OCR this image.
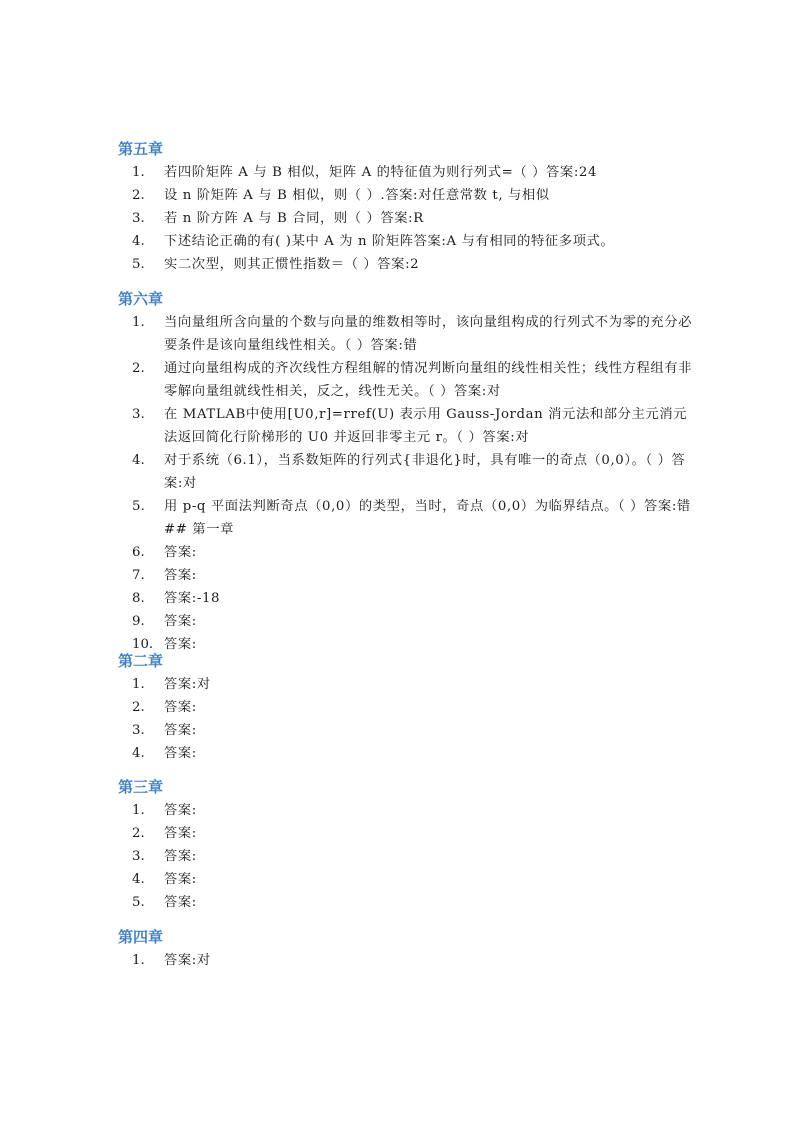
第五章
1.	若四阶矩阵 A 与 B 相似，矩阵 A 的特征值为则行列式=（ ）答案:24
2.	设 n 阶矩阵 A 与 B 相似，则（ ）.答案:对任意常数 t, 与相似
3.	若 n 阶方阵 A 与 B 合同，则（ ）答案:R
4.	下述结论正确的有( )某中 A 为 n 阶矩阵答案:A 与有相同的特征多项式。
5.	实二次型，则其正惯性指数＝（ ）答案:2
第六章
1.	当向量组所含向量的个数与向量的维数相等时，该向量组构成的行列式不为零的充分必要条件是该向量组线性相关。（ ）答案:错
2.	通过向量组构成的齐次线性方程组解的情况判断向量组的线性相关性；线性方程组有非零解向量组就线性相关，反之，线性无关。（ ）答案:对
3.	在 MATLAB中使用[U0,r]=rref(U) 表示用 Gauss-Jordan 消元法和部分主元消元法返回简化行阶梯形的 U0 并返回非零主元 r。（ ）答案:对
4.	对于系统（6.1），当系数矩阵的行列式{非退化}时，具有唯一的奇点（0,0）。（ ）答案:对
5.	用 p-q 平面法判断奇点（0,0）的类型，当时，奇点（0,0）为临界结点。（ ）答案:错 ## 第一章
6.	答案:
7.	答案:
8.	答案:-18
9.	答案:
10. 答案:
第二章
1.	答案:对
2.	答案:
3.	答案:
4.	答案:
第三章
1.	答案:
2.	答案:
3.	答案:
4.	答案:
5.	答案:
第四章
1.	答案:对
